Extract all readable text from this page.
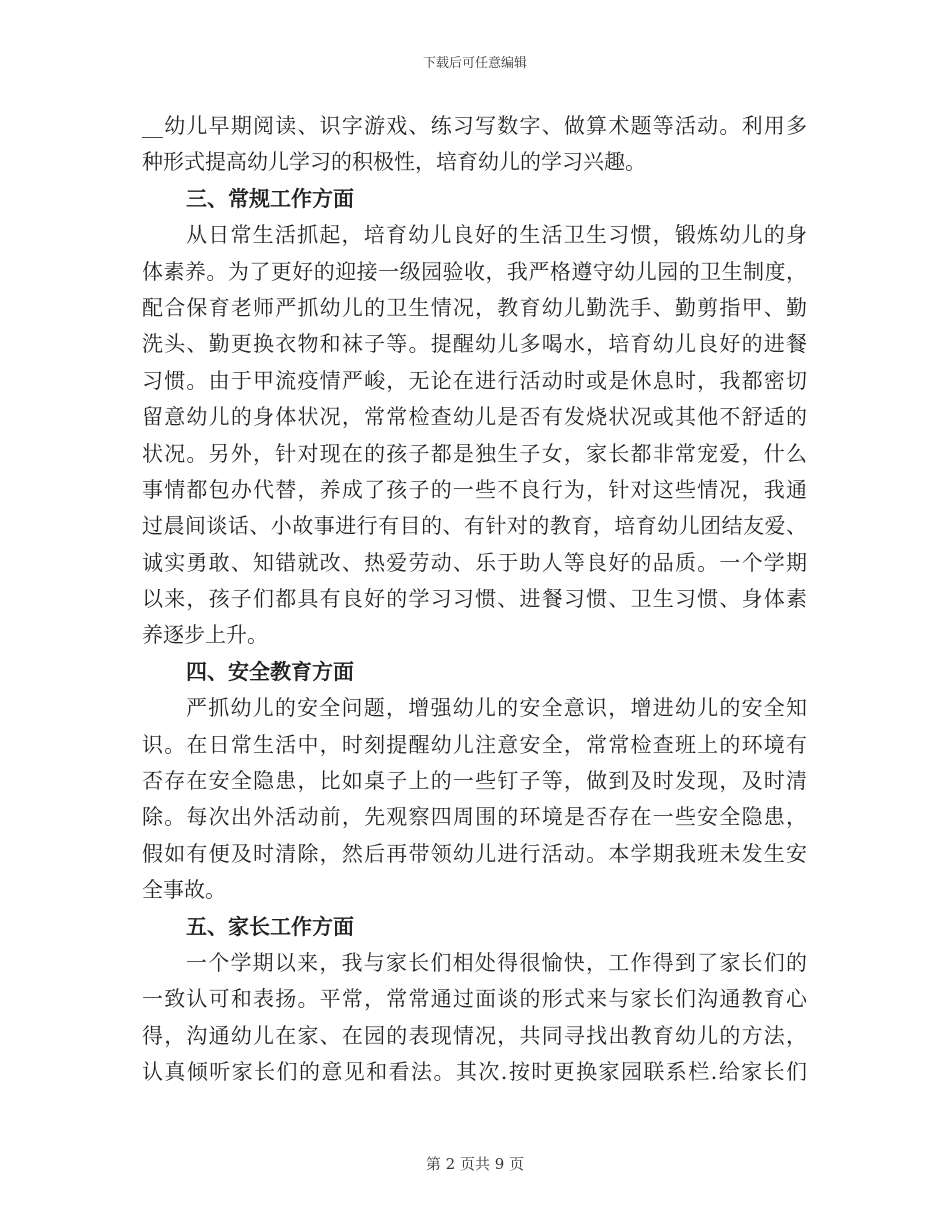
下载后可任意编辑
__幼儿早期阅读、识字游戏、练习写数字、做算术题等活动。利用多
种形式提高幼儿学习的积极性，培育幼儿的学习兴趣。
三、常规工作方面
从日常生活抓起，培育幼儿良好的生活卫生习惯，锻炼幼儿的身
体素养。为了更好的迎接一级园验收，我严格遵守幼儿园的卫生制度，
配合保育老师严抓幼儿的卫生情况，教育幼儿勤洗手、勤剪指甲、勤
洗头、勤更换衣物和袜子等。提醒幼儿多喝水，培育幼儿良好的进餐
习惯。由于甲流疫情严峻，无论在进行活动时或是休息时，我都密切
留意幼儿的身体状况，常常检查幼儿是否有发烧状况或其他不舒适的
状况。另外，针对现在的孩子都是独生子女，家长都非常宠爱，什么
事情都包办代替，养成了孩子的一些不良行为，针对这些情况，我通
过晨间谈话、小故事进行有目的、有针对的教育，培育幼儿团结友爱、
诚实勇敢、知错就改、热爱劳动、乐于助人等良好的品质。一个学期
以来，孩子们都具有良好的学习习惯、进餐习惯、卫生习惯、身体素
养逐步上升。
四、安全教育方面
严抓幼儿的安全问题，增强幼儿的安全意识，增进幼儿的安全知
识。在日常生活中，时刻提醒幼儿注意安全，常常检查班上的环境有
否存在安全隐患，比如桌子上的一些钉子等，做到及时发现，及时清
除。每次出外活动前，先观察四周围的环境是否存在一些安全隐患，
假如有便及时清除，然后再带领幼儿进行活动。本学期我班未发生安
全事故。
五、家长工作方面
一个学期以来，我与家长们相处得很愉快，工作得到了家长们的
一致认可和表扬。平常，常常通过面谈的形式来与家长们沟通教育心
得，沟通幼儿在家、在园的表现情况，共同寻找出教育幼儿的方法，
认真倾听家长们的意见和看法。其次.按时更换家园联系栏.给家长们
第 2 页共 9 页
